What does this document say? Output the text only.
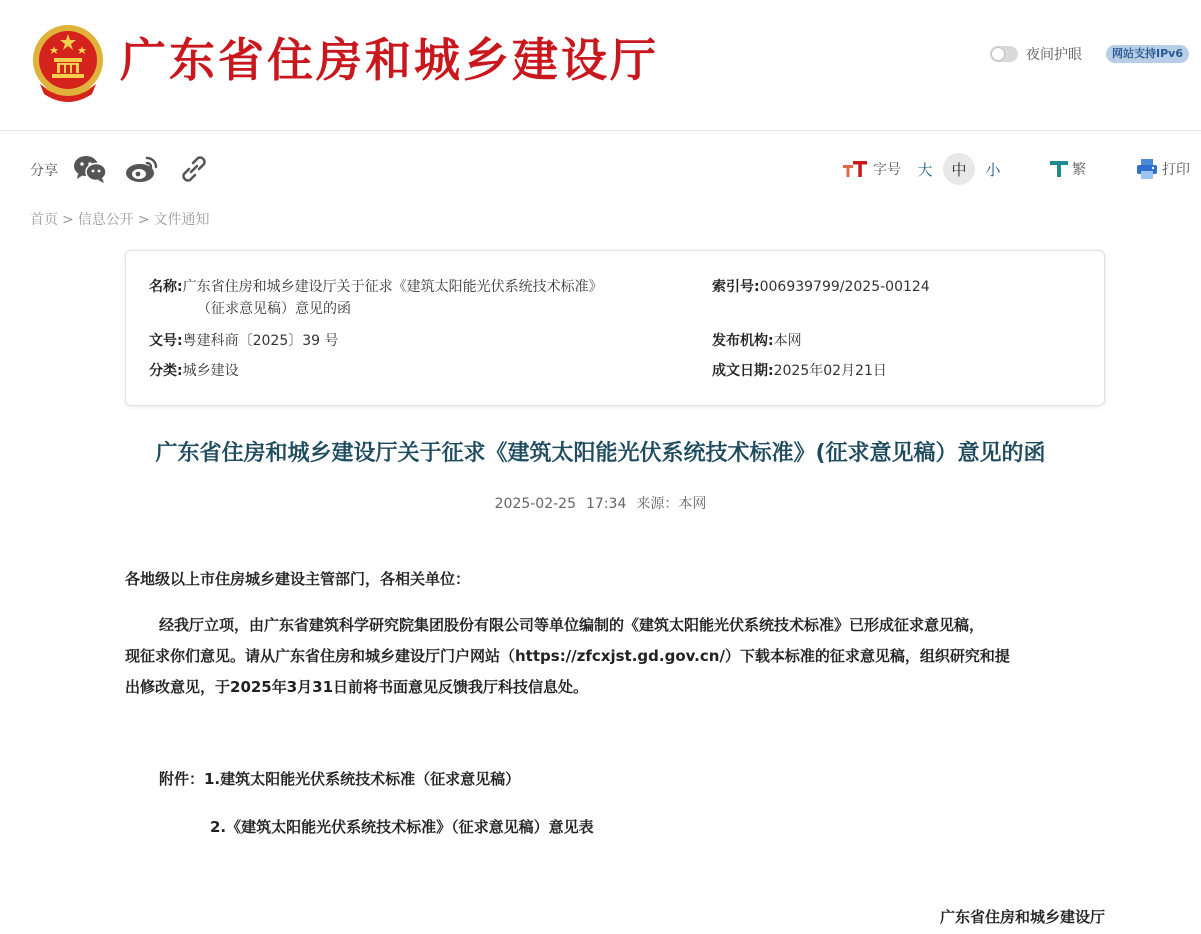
广东省住房和城乡建设厅	夜间护眼	网站支持IPv6
分享	字号	大	中	小	繁	打印
首页 > 信息公开 > 文件通知
名称:广东省住房和城乡建设厅关于征求《建筑太阳能光伏系统技术标准》
（征求意见稿）意见的函
索引号:006939799/2025-00124
文号:粤建科商〔2025〕39 号	发布机构:本网
分类:城乡建设	成文日期:2025年02月21日
广东省住房和城乡建设厅关于征求《建筑太阳能光伏系统技术标准》(征求意见稿）意见的函
2025-02-25 17:34 来源：本网
各地级以上市住房城乡建设主管部门，各相关单位：
经我厅立项，由广东省建筑科学研究院集团股份有限公司等单位编制的《建筑太阳能光伏系统技术标准》已形成征求意见稿，
现征求你们意见。请从广东省住房和城乡建设厅门户网站（https://zfcxjst.gd.gov.cn/）下载本标准的征求意见稿，组织研究和提
出修改意见，于2025年3月31日前将书面意见反馈我厅科技信息处。
附件：1.建筑太阳能光伏系统技术标准（征求意见稿）
2.《建筑太阳能光伏系统技术标准》（征求意见稿）意见表
广东省住房和城乡建设厅
